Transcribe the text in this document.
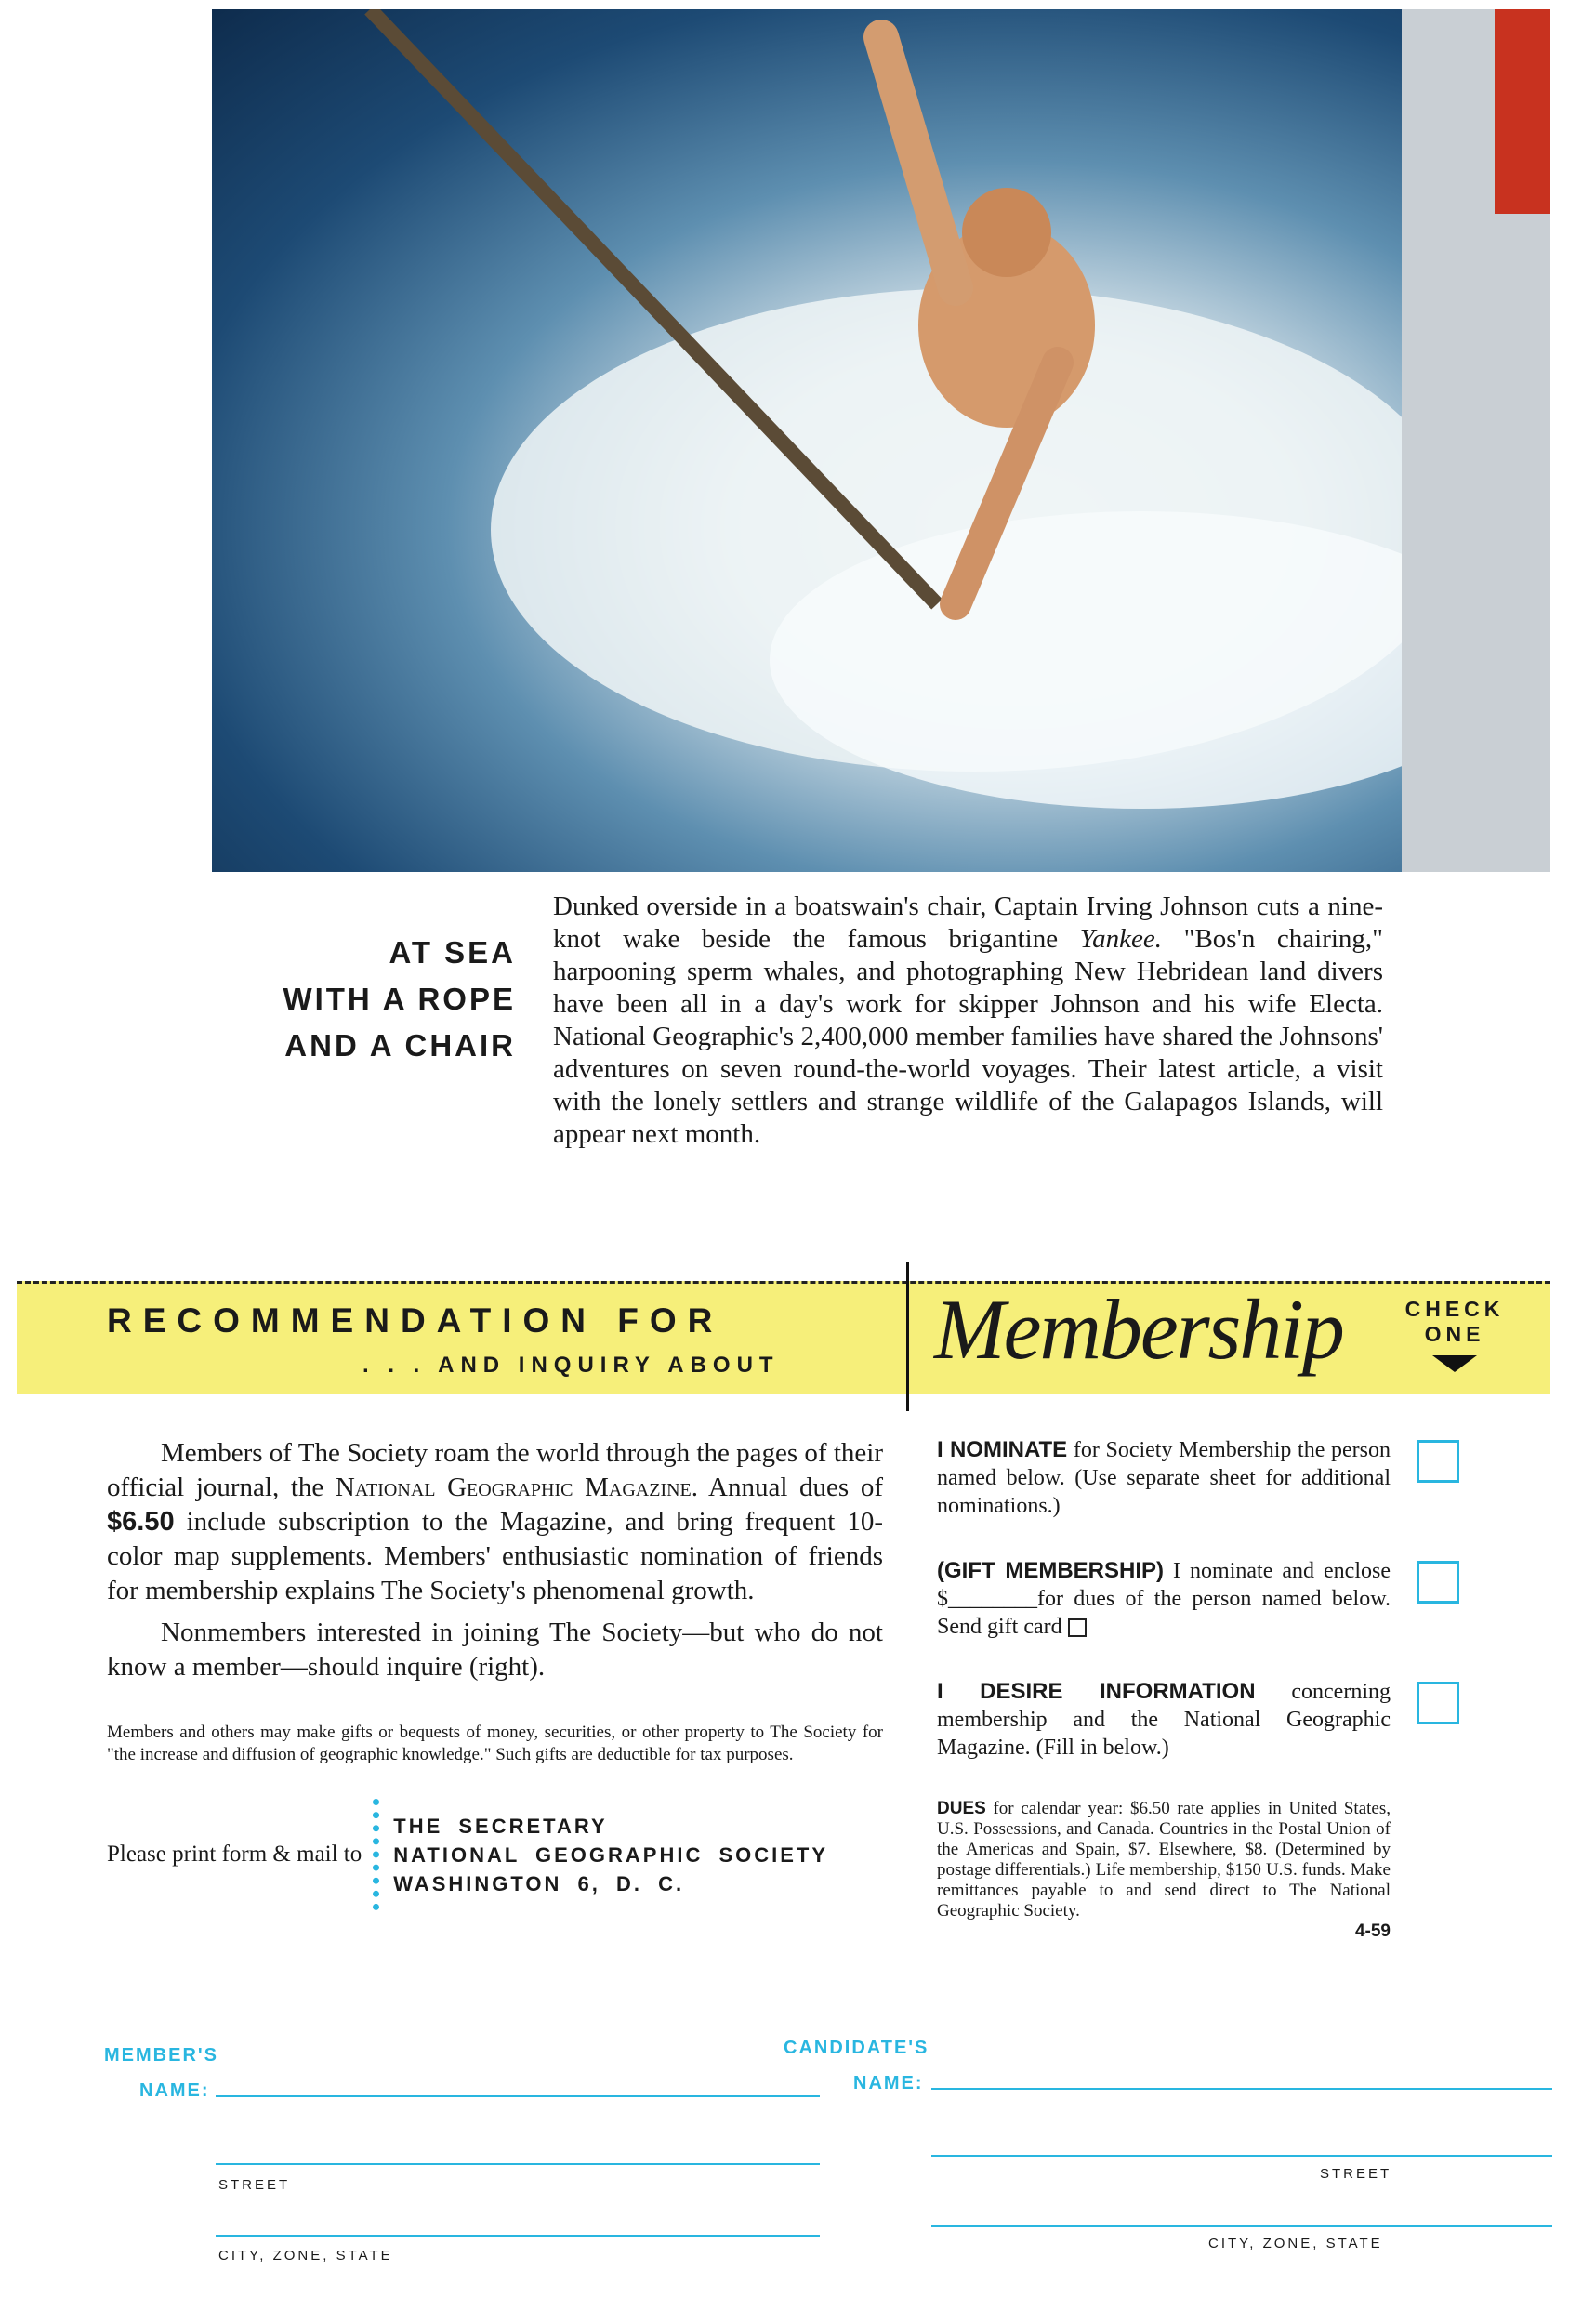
AT SEA
WITH A ROPE
AND A CHAIR
Dunked overside in a boatswain's chair, Captain Irving Johnson cuts a nine-knot wake beside the famous brigantine Yankee. "Bos'n chairing," harpooning sperm whales, and photographing New Hebridean land divers have been all in a day's work for skipper Johnson and his wife Electa. National Geographic's 2,400,000 member families have shared the Johnsons' adventures on seven round-the-world voyages. Their latest article, a visit with the lonely settlers and strange wildlife of the Galapagos Islands, will appear next month.
RECOMMENDATION FOR
. . . AND INQUIRY ABOUT Membership	CHECK
ONE
Members of The Society roam the world through the pages of their official journal, the National Geographic Magazine. Annual dues of $6.50 include subscription to the Magazine, and bring frequent 10-color map supplements. Members' enthusiastic nomination of friends for membership explains The Society's phenomenal growth.
Nonmembers interested in joining The Society—but who do not know a member—should inquire (right).
Members and others may make gifts or bequests of money, securities, or other property to The Society for "the increase and diffusion of geographic knowledge." Such gifts are deductible for tax purposes.
Please print form & mail to
THE SECRETARY
NATIONAL GEOGRAPHIC SOCIETY
WASHINGTON 6, D. C.
I NOMINATE for Society Membership the person named below. (Use separate sheet for additional nominations.)
(GIFT MEMBERSHIP) I nominate and enclose $________for dues of the person named below. Send gift card
I DESIRE INFORMATION concerning membership and the National Geographic Magazine. (Fill in below.)
DUES for calendar year: $6.50 rate applies in United States, U.S. Possessions, and Canada. Countries in the Postal Union of the Americas and Spain, $7. Elsewhere, $8. (Determined by postage differentials.) Life membership, $150 U.S. funds. Make remittances payable to and send direct to The National Geographic Society.
4-59
MEMBER'S
NAME:
STREET
CITY, ZONE, STATE
CANDIDATE'S
NAME:
STREET
CITY, ZONE, STATE
